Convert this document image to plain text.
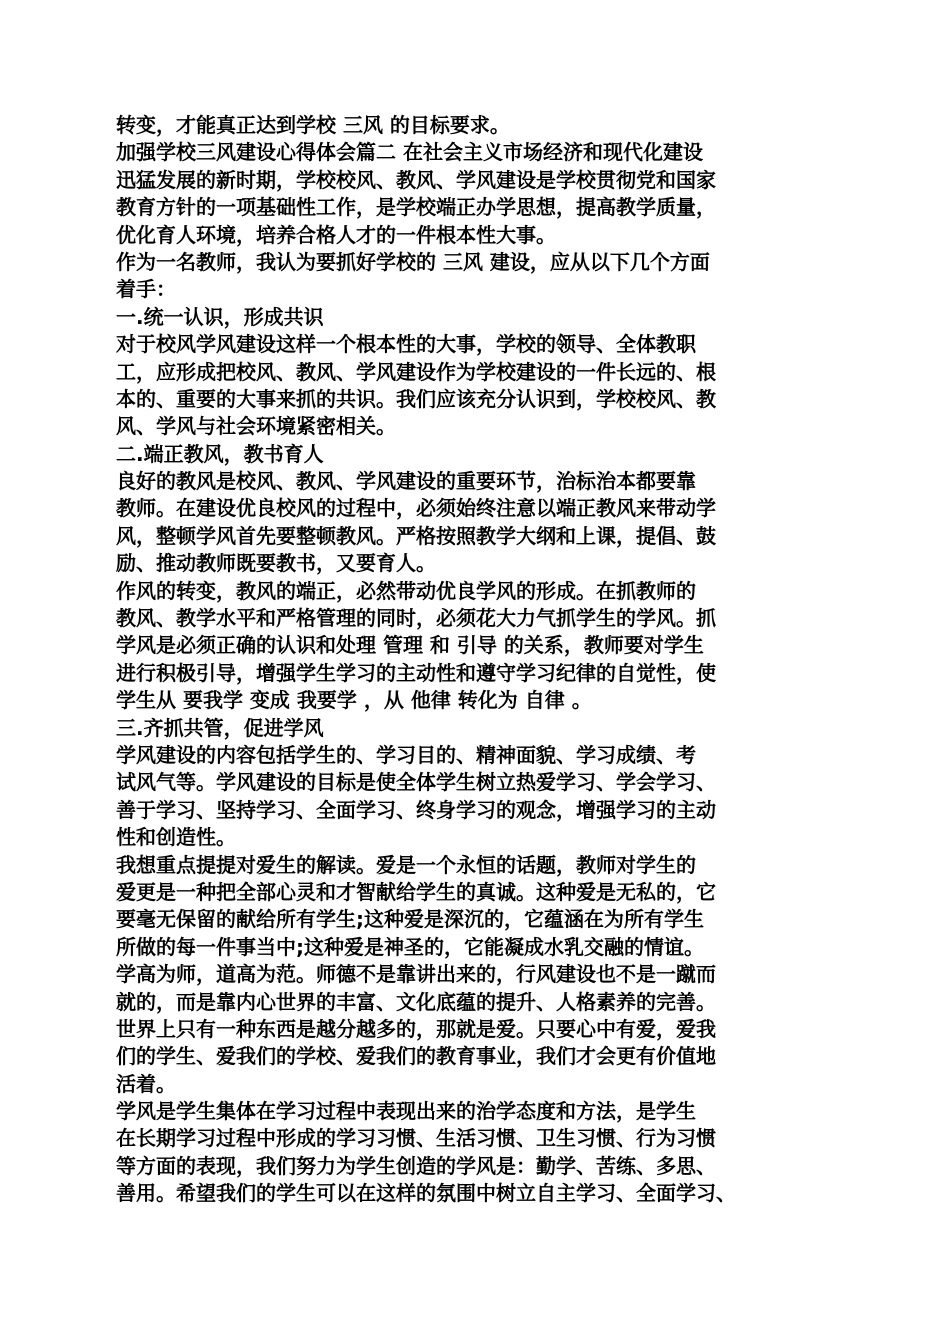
转变，才能真正达到学校 三风 的目标要求。
加强学校三风建设心得体会篇二 在社会主义市场经济和现代化建设
迅猛发展的新时期，学校校风、教风、学风建设是学校贯彻党和国家
教育方针的一项基础性工作，是学校端正办学思想，提高教学质量，
优化育人环境，培养合格人才的一件根本性大事。
作为一名教师，我认为要抓好学校的 三风 建设，应从以下几个方面
着手：
一.统一认识，形成共识
对于校风学风建设这样一个根本性的大事，学校的领导、全体教职
工，应形成把校风、教风、学风建设作为学校建设的一件长远的、根
本的、重要的大事来抓的共识。我们应该充分认识到，学校校风、教
风、学风与社会环境紧密相关。
二.端正教风，教书育人
良好的教风是校风、教风、学风建设的重要环节，治标治本都要靠
教师。在建设优良校风的过程中，必须始终注意以端正教风来带动学
风，整顿学风首先要整顿教风。严格按照教学大纲和上课，提倡、鼓
励、推动教师既要教书，又要育人。
作风的转变，教风的端正，必然带动优良学风的形成。在抓教师的
教风、教学水平和严格管理的同时，必须花大力气抓学生的学风。抓
学风是必须正确的认识和处理 管理 和 引导 的关系，教师要对学生
进行积极引导，增强学生学习的主动性和遵守学习纪律的自觉性，使
学生从 要我学 变成 我要学 ，从 他律 转化为 自律 。
三.齐抓共管，促进学风
学风建设的内容包括学生的、学习目的、精神面貌、学习成绩、考
试风气等。学风建设的目标是使全体学生树立热爱学习、学会学习、
善于学习、坚持学习、全面学习、终身学习的观念，增强学习的主动
性和创造性。
我想重点提提对爱生的解读。爱是一个永恒的话题，教师对学生的
爱更是一种把全部心灵和才智献给学生的真诚。这种爱是无私的，它
要毫无保留的献给所有学生;这种爱是深沉的，它蕴涵在为所有学生
所做的每一件事当中;这种爱是神圣的，它能凝成水乳交融的情谊。
学高为师，道高为范。师德不是靠讲出来的，行风建设也不是一蹴而
就的，而是靠内心世界的丰富、文化底蕴的提升、人格素养的完善。
世界上只有一种东西是越分越多的，那就是爱。只要心中有爱，爱我
们的学生、爱我们的学校、爱我们的教育事业，我们才会更有价值地
活着。
学风是学生集体在学习过程中表现出来的治学态度和方法，是学生
在长期学习过程中形成的学习习惯、生活习惯、卫生习惯、行为习惯
等方面的表现，我们努力为学生创造的学风是：勤学、苦练、多思、
善用。希望我们的学生可以在这样的氛围中树立自主学习、全面学习、
